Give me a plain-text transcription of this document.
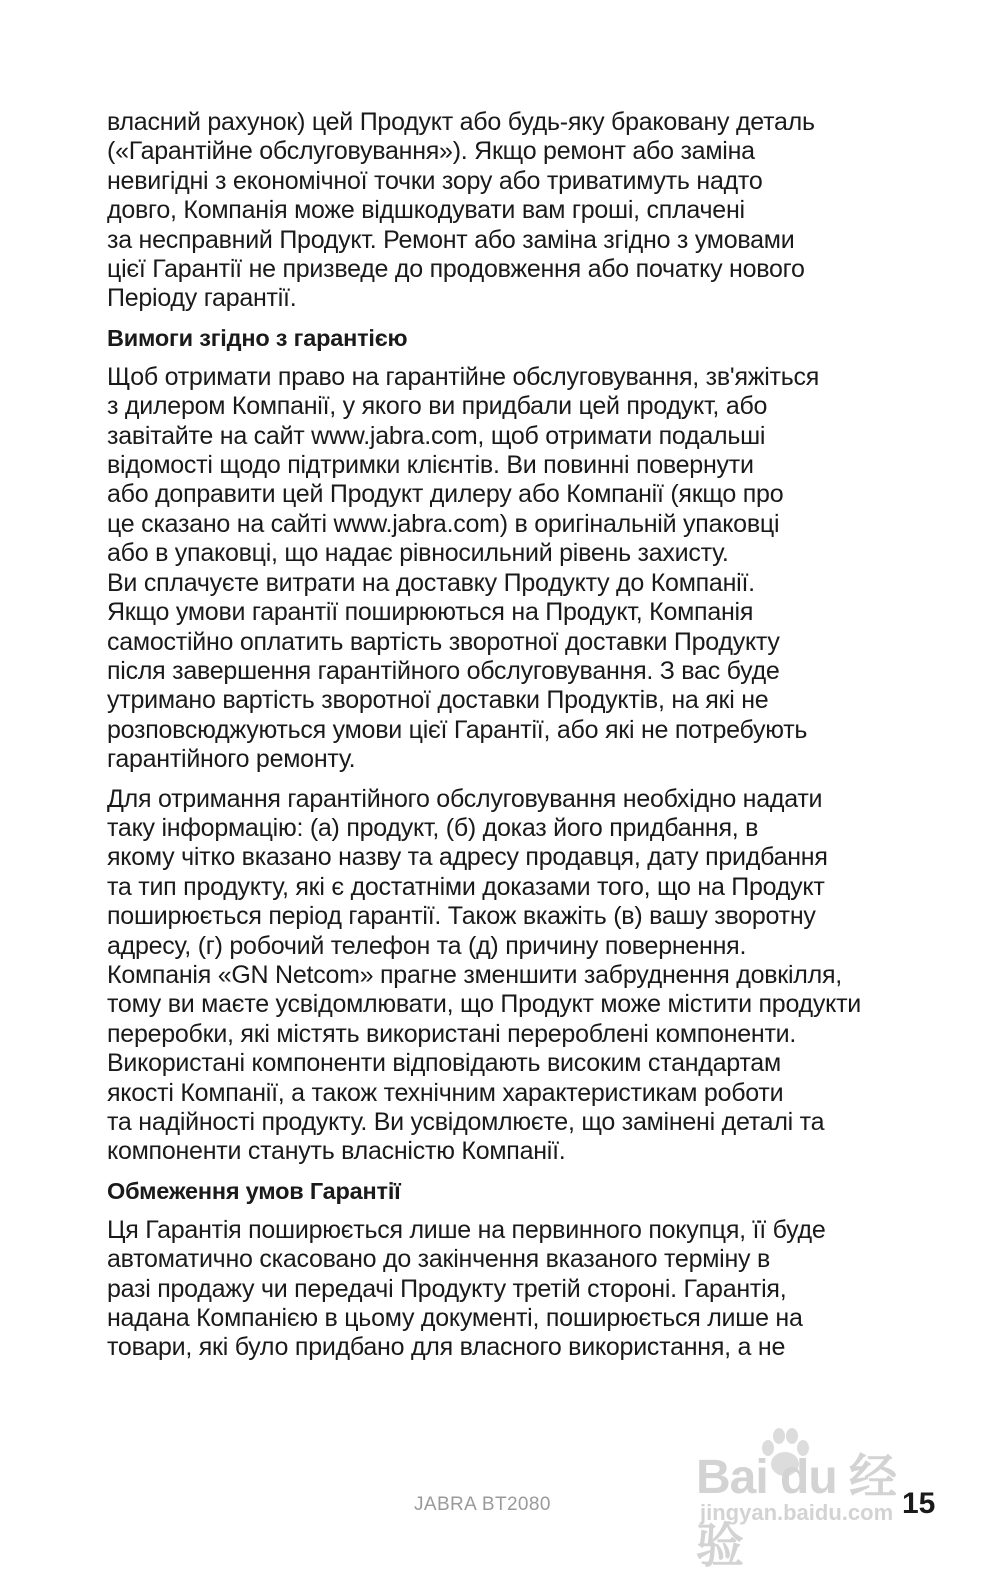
власний рахунок) цей Продукт або будь-яку браковану деталь
(«Гарантійне обслуговування»). Якщо ремонт або заміна
невигідні з економічної точки зору або триватимуть надто
довго, Компанія може відшкодувати вам гроші, сплачені
за несправний Продукт. Ремонт або заміна згідно з умовами
цієї Гарантії не призведе до продовження або початку нового
Періоду гарантії.

Вимоги згідно з гарантією

Щоб отримати право на гарантійне обслуговування, зв'яжіться
з дилером Компанії, у якого ви придбали цей продукт, або
завітайте на сайт www.jabra.com, щоб отримати подальші
відомості щодо підтримки клієнтів. Ви повинні повернути
або доправити цей Продукт дилеру або Компанії (якщо про
це сказано на сайті www.jabra.com) в оригінальній упаковці
або в упаковці, що надає рівносильний рівень захисту.
Ви сплачуєте витрати на доставку Продукту до Компанії.
Якщо умови гарантії поширюються на Продукт, Компанія
самостійно оплатить вартість зворотної доставки Продукту
після завершення гарантійного обслуговування. З вас буде
утримано вартість зворотної доставки Продуктів, на які не
розповсюджуються умови цієї Гарантії, або які не потребують
гарантійного ремонту.

Для отримання гарантійного обслуговування необхідно надати
таку інформацію: (а) продукт, (б) доказ його придбання, в
якому чітко вказано назву та адресу продавця, дату придбання
та тип продукту, які є достатніми доказами того, що на Продукт
поширюється період гарантії. Також вкажіть (в) вашу зворотну
адресу, (г) робочий телефон та (д) причину повернення.
Компанія «GN Netcom» прагне зменшити забруднення довкілля,
тому ви маєте усвідомлювати, що Продукт може містити продукти
переробки, які містять використані перероблені компоненти.
Використані компоненти відповідають високим стандартам
якості Компанії, а також технічним характеристикам роботи
та надійності продукту. Ви усвідомлюєте, що замінені деталі та
компоненти стануть власністю Компанії.

Обмеження умов Гарантії

Ця Гарантія поширюється лише на первинного покупця, її буде
автоматично скасовано до закінчення вказаного терміну в
разі продажу чи передачі Продукту третій стороні. Гарантія,
надана Компанією в цьому документі, поширюється лише на
товари, які було придбано для власного використання, а не

Bai du 经验
jingyan.baidu.com
JABRA BT2080	15
